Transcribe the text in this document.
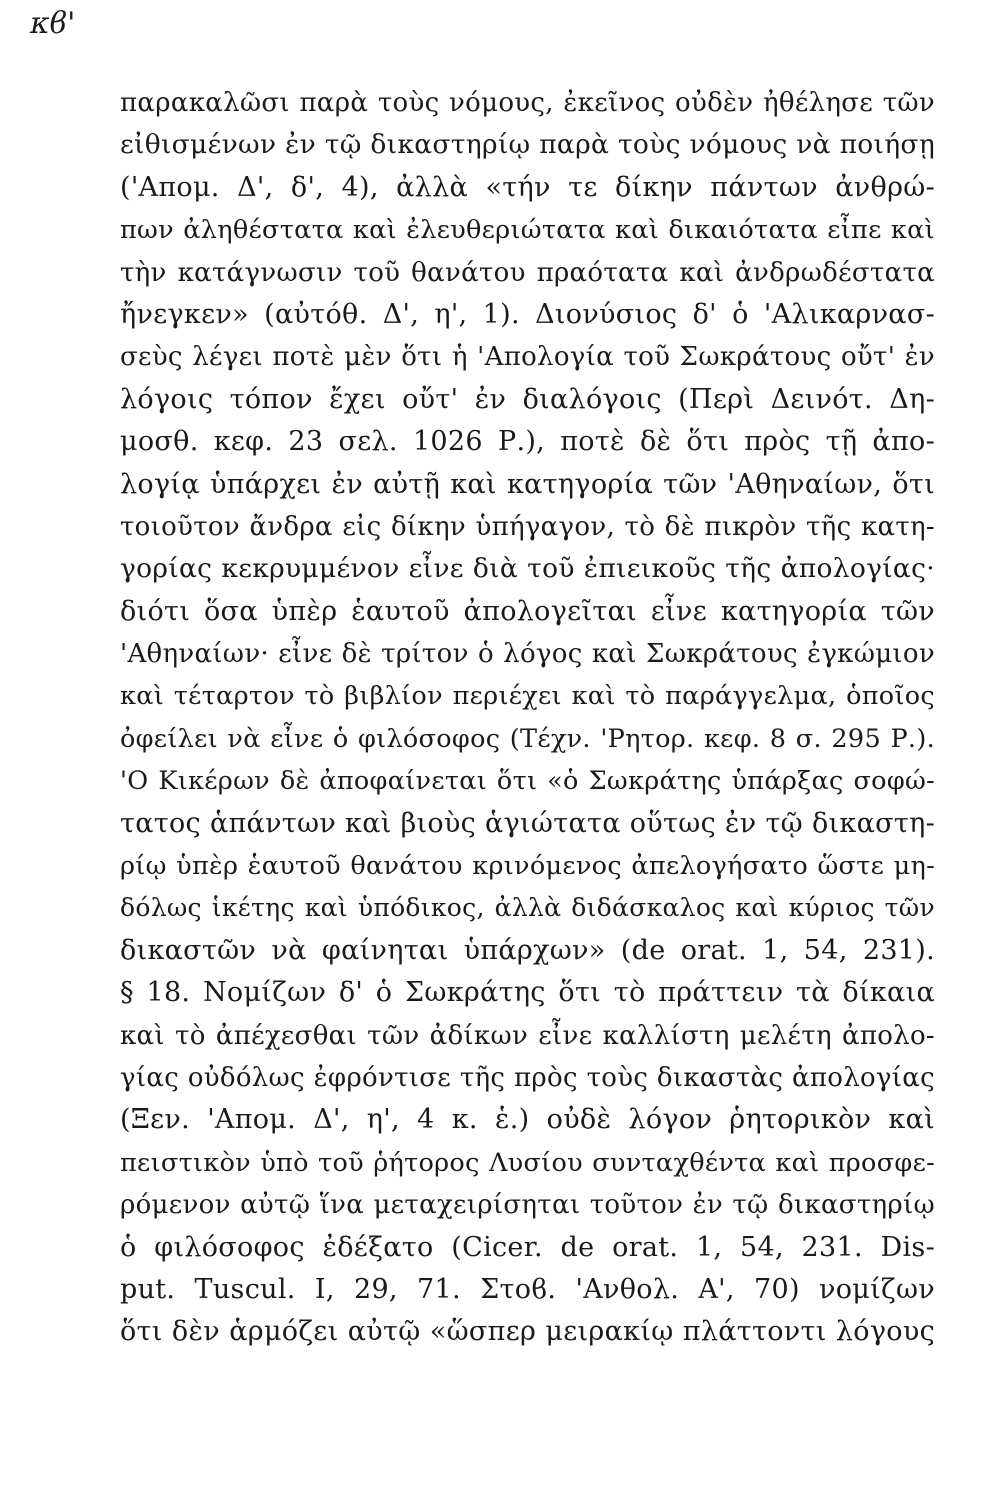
κϐ'
παρακαλῶσι παρὰ τοὺς νόμους, ἐκεῖνος οὐδὲν ἠθέλησε τῶν
εἰθισμένων ἐν τῷ δικαστηρίῳ παρὰ τοὺς νόμους νὰ ποιήσῃ
('Απομ. Δ', δ', 4), ἀλλὰ «τήν τε δίκην πάντων ἀνθρώ-
πων ἀληθέστατα καὶ ἐλευθεριώτατα καὶ δικαιότατα εἶπε καὶ
τὴν κατάγνωσιν τοῦ θανάτου πραότατα καὶ ἀνδρωδέστατα
ἤνεγκεν» (αὐτόθ. Δ', η', 1). Διονύσιος δ' ὁ 'Αλικαρνασ-
σεὺς λέγει ποτὲ μὲν ὅτι ἡ 'Απολογία τοῦ Σωκράτους οὔτ' ἐν
λόγοις τόπον ἔχει οὔτ' ἐν διαλόγοις (Περὶ Δεινότ. Δη-
μοσθ. κεφ. 23 σελ. 1026 Ρ.), ποτὲ δὲ ὅτι πρὸς τῇ ἀπο-
λογίᾳ ὑπάρχει ἐν αὐτῇ καὶ κατηγορία τῶν 'Αθηναίων, ὅτι
τοιοῦτον ἄνδρα εἰς δίκην ὑπήγαγον, τὸ δὲ πικρὸν τῆς κατη-
γορίας κεκρυμμένον εἶνε διὰ τοῦ ἐπιεικοῦς τῆς ἀπολογίας·
διότι ὅσα ὑπὲρ ἑαυτοῦ ἀπολογεῖται εἶνε κατηγορία τῶν
'Αθηναίων· εἶνε δὲ τρίτον ὁ λόγος καὶ Σωκράτους ἐγκώμιον
καὶ τέταρτον τὸ βιβλίον περιέχει καὶ τὸ παράγγελμα, ὁποῖος
ὀφείλει νὰ εἶνε ὁ φιλόσοφος (Τέχν. 'Ρητορ. κεφ. 8 σ. 295 Ρ.).
'Ο Κικέρων δὲ ἀποφαίνεται ὅτι «ὁ Σωκράτης ὑπάρξας σοφώ-
τατος ἁπάντων καὶ βιοὺς ἁγιώτατα οὕτως ἐν τῷ δικαστη-
ρίῳ ὑπὲρ ἑαυτοῦ θανάτου κρινόμενος ἀπελογήσατο ὥστε μη-
δόλως ἱκέτης καὶ ὑπόδικος, ἀλλὰ διδάσκαλος καὶ κύριος τῶν
δικαστῶν νὰ φαίνηται ὑπάρχων» (de orat. 1, 54, 231).
§ 18. Νομίζων δ' ὁ Σωκράτης ὅτι τὸ πράττειν τὰ δίκαια
καὶ τὸ ἀπέχεσθαι τῶν ἀδίκων εἶνε καλλίστη μελέτη ἀπολο-
γίας οὐδόλως ἐφρόντισε τῆς πρὸς τοὺς δικαστὰς ἀπολογίας
(Ξεν. 'Απομ. Δ', η', 4 κ. ἑ.) οὐδὲ λόγον ῥητορικὸν καὶ
πειστικὸν ὑπὸ τοῦ ῥήτορος Λυσίου συνταχθέντα καὶ προσφε-
ρόμενον αὐτῷ ἵνα μεταχειρίσηται τοῦτον ἐν τῷ δικαστηρίῳ
ὁ φιλόσοφος ἐδέξατο (Cicer. de orat. 1, 54, 231. Dis-
put. Tuscul. I, 29, 71. Στοϐ. 'Ανθολ. Α', 70) νομίζων
ὅτι δὲν ἁρμόζει αὐτῷ «ὥσπερ μειρακίῳ πλάττοντι λόγους
